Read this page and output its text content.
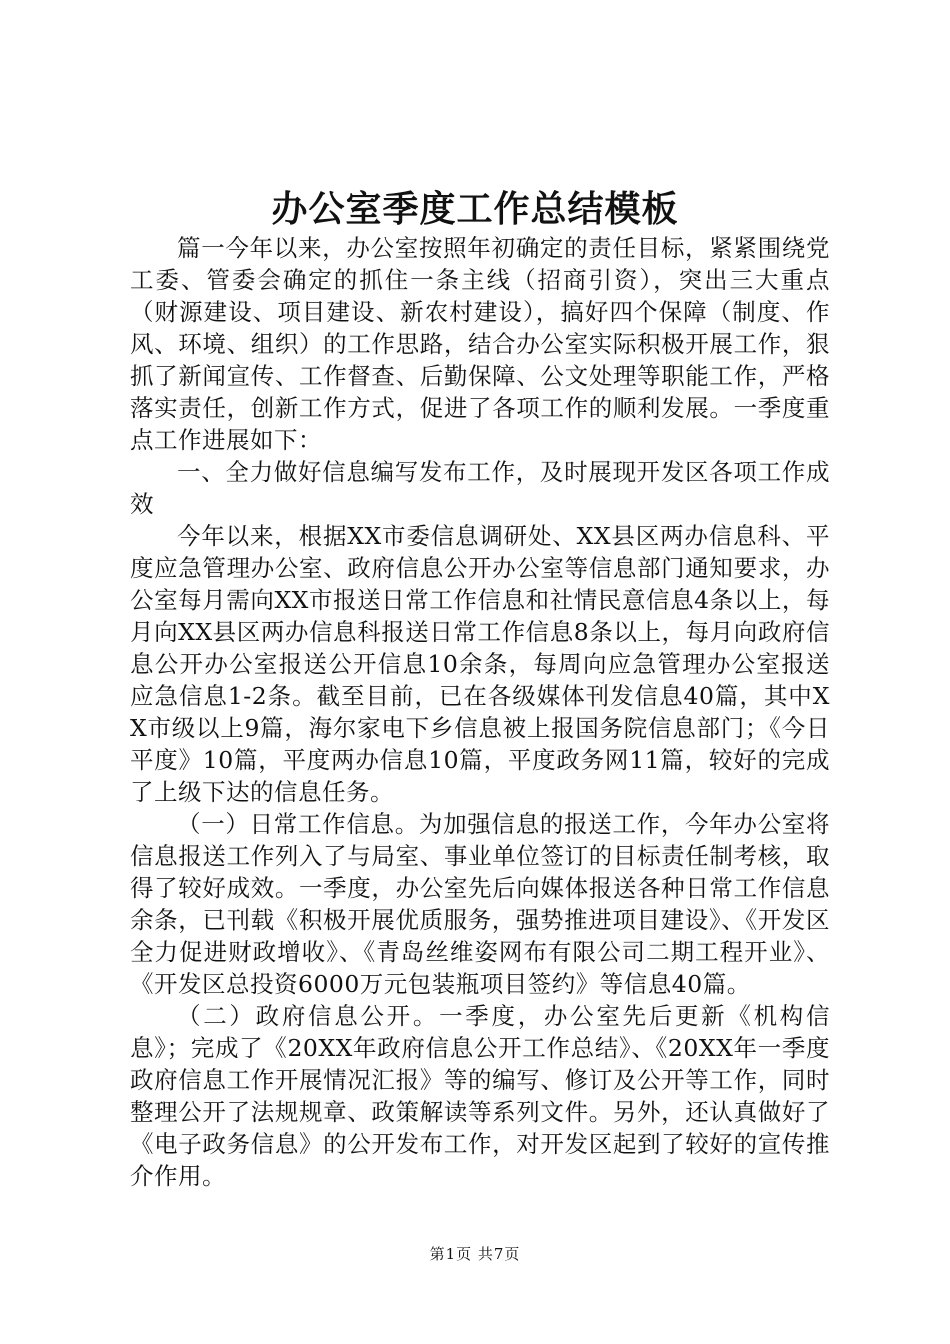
办公室季度工作总结模板

篇一今年以来，办公室按照年初确定的责任目标，紧紧围绕党工委、管委会确定的抓住一条主线（招商引资），突出三大重点（财源建设、项目建设、新农村建设），搞好四个保障（制度、作风、环境、组织）的工作思路，结合办公室实际积极开展工作，狠抓了新闻宣传、工作督查、后勤保障、公文处理等职能工作，严格落实责任，创新工作方式，促进了各项工作的顺利发展。一季度重点工作进展如下：

一、全力做好信息编写发布工作，及时展现开发区各项工作成效

今年以来，根据XX市委信息调研处、XX县区两办信息科、平度应急管理办公室、政府信息公开办公室等信息部门通知要求，办公室每月需向XX市报送日常工作信息和社情民意信息4条以上，每月向XX县区两办信息科报送日常工作信息8条以上，每月向政府信息公开办公室报送公开信息10余条，每周向应急管理办公室报送应急信息1-2条。截至目前，已在各级媒体刊发信息40篇，其中XX市级以上9篇，海尔家电下乡信息被上报国务院信息部门；《今日平度》10篇，平度两办信息10篇，平度政务网11篇，较好的完成了上级下达的信息任务。

（一）日常工作信息。为加强信息的报送工作，今年办公室将信息报送工作列入了与局室、事业单位签订的目标责任制考核，取得了较好成效。一季度，办公室先后向媒体报送各种日常工作信息余条，已刊载《积极开展优质服务，强势推进项目建设》、《开发区全力促进财政增收》、《青岛丝维姿网布有限公司二期工程开业》、《开发区总投资6000万元包装瓶项目签约》等信息40篇。

（二）政府信息公开。一季度，办公室先后更新《机构信息》；完成了《20XX年政府信息公开工作总结》、《20XX年一季度政府信息工作开展情况汇报》等的编写、修订及公开等工作，同时整理公开了法规规章、政策解读等系列文件。另外，还认真做好了《电子政务信息》的公开发布工作，对开发区起到了较好的宣传推介作用。

第1页 共7页
